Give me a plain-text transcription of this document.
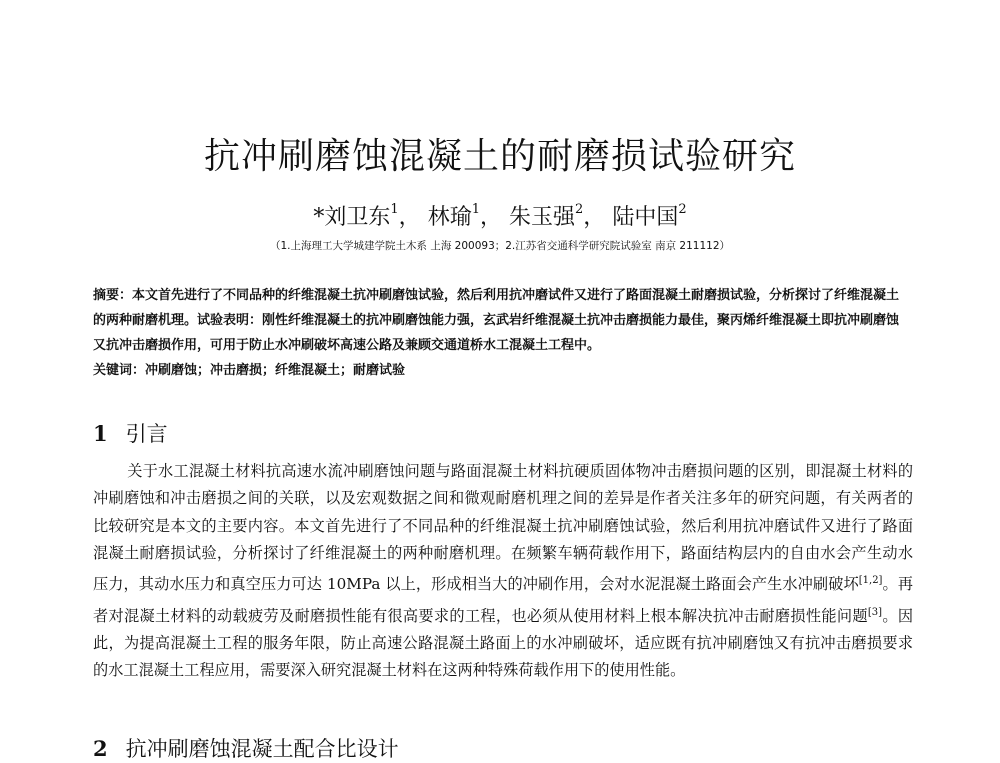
抗冲刷磨蚀混凝土的耐磨损试验研究
*刘卫东$^1$， 林瑜$^1$， 朱玉强$^2$， 陆中国$^2$
（1.上海理工大学城建学院土木系 上海 200093；2.江苏省交通科学研究院试验室 南京 211112）
摘要：本文首先进行了不同品种的纤维混凝土抗冲刷磨蚀试验，然后利用抗冲磨试件又进行了路面混凝土耐磨损试验，分析探讨了纤维混凝土的两种耐磨机理。试验表明：刚性纤维混凝土的抗冲刷磨蚀能力强，玄武岩纤维混凝土抗冲击磨损能力最佳，聚丙烯纤维混凝土即抗冲刷磨蚀又抗冲击磨损作用，可用于防止水冲刷破坏高速公路及兼顾交通道桥水工混凝土工程中。
关键词：冲刷磨蚀；冲击磨损；纤维混凝土；耐磨试验
1 引言
关于水工混凝土材料抗高速水流冲刷磨蚀问题与路面混凝土材料抗硬质固体物冲击磨损问题的区别，即混凝土材料的冲刷磨蚀和冲击磨损之间的关联，以及宏观数据之间和微观耐磨机理之间的差异是作者关注多年的研究问题，有关两者的比较研究是本文的主要内容。本文首先进行了不同品种的纤维混凝土抗冲刷磨蚀试验，然后利用抗冲磨试件又进行了路面混凝土耐磨损试验，分析探讨了纤维混凝土的两种耐磨机理。在频繁车辆荷载作用下，路面结构层内的自由水会产生动水压力，其动水压力和真空压力可达 10MPa 以上，形成相当大的冲刷作用，会对水泥混凝土路面会产生水冲刷破坏[1,2]。再者对混凝土材料的动载疲劳及耐磨损性能有很高要求的工程，也必须从使用材料上根本解决抗冲击耐磨损性能问题[3]。因此，为提高混凝土工程的服务年限，防止高速公路混凝土路面上的水冲刷破坏，适应既有抗冲刷磨蚀又有抗冲击磨损要求的水工混凝土工程应用，需要深入研究混凝土材料在这两种特殊荷载作用下的使用性能。
2 抗冲刷磨蚀混凝土配合比设计
